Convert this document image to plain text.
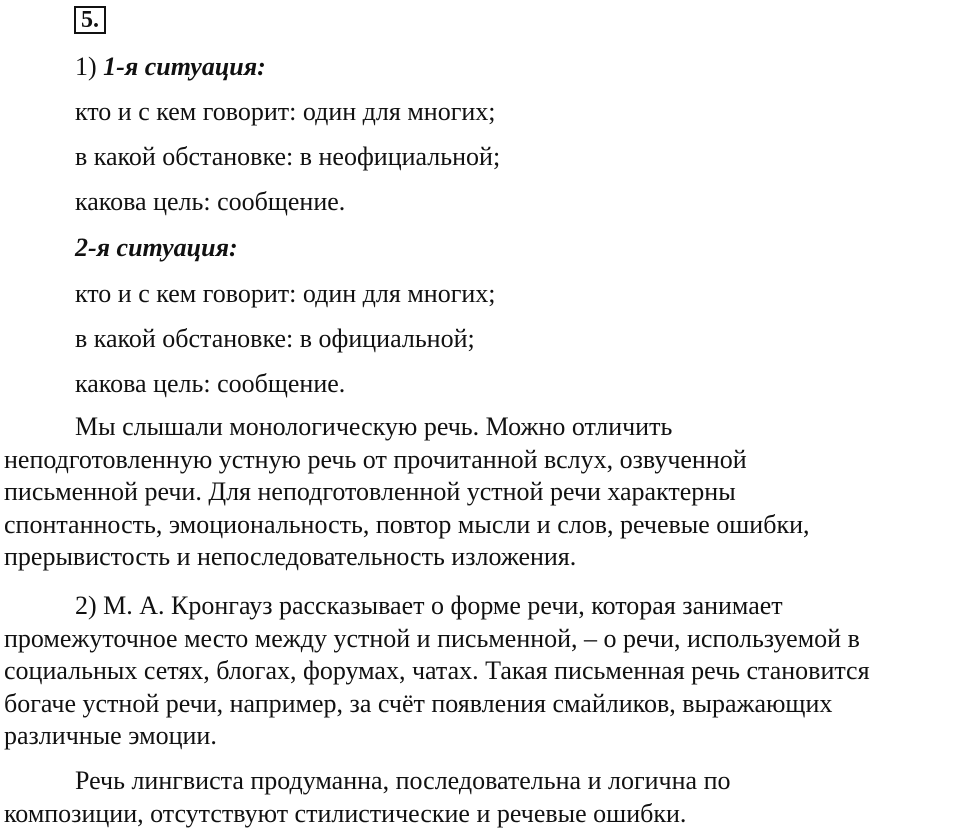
5.
1) 1-я ситуация:
кто и с кем говорит: один для многих;
в какой обстановке: в неофициальной;
какова цель: сообщение.
2-я ситуация:
кто и с кем говорит: один для многих;
в какой обстановке: в официальной;
какова цель: сообщение.
Мы слышали монологическую речь. Можно отличить
неподготовленную устную речь от прочитанной вслух, озвученной
письменной речи. Для неподготовленной устной речи характерны
спонтанность, эмоциональность, повтор мысли и слов, речевые ошибки,
прерывистость и непоследовательность изложения.
2) М. А. Кронгауз рассказывает о форме речи, которая занимает
промежуточное место между устной и письменной, – о речи, используемой в
социальных сетях, блогах, форумах, чатах. Такая письменная речь становится
богаче устной речи, например, за счёт появления смайликов, выражающих
различные эмоции.
Речь лингвиста продуманна, последовательна и логична по
композиции, отсутствуют стилистические и речевые ошибки.
